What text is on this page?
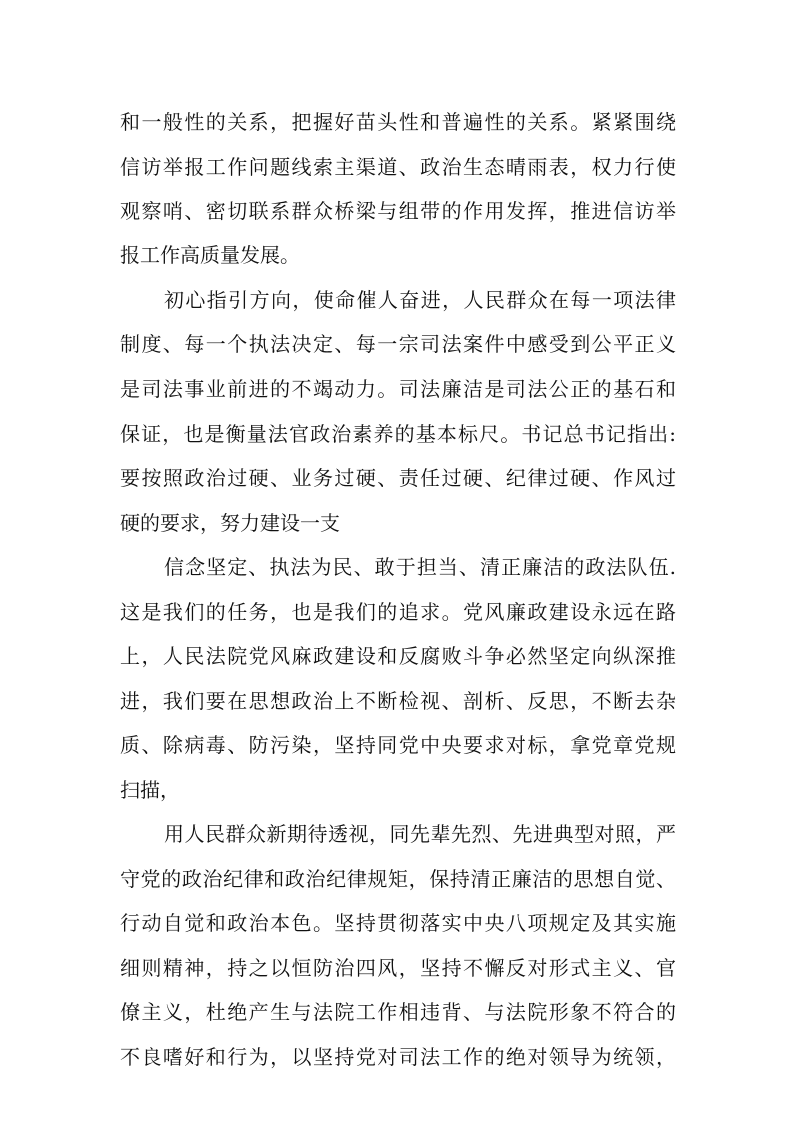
和一般性的关系，把握好苗头性和普遍性的关系。紧紧围绕
信访举报工作问题线索主渠道、政治生态晴雨表，权力行使
观察哨、密切联系群众桥梁与组带的作用发挥，推进信访举
报工作高质量发展。
初心指引方向，使命催人奋进，人民群众在每一项法律
制度、每一个执法决定、每一宗司法案件中感受到公平正义
是司法事业前进的不竭动力。司法廉洁是司法公正的基石和
保证，也是衡量法官政治素养的基本标尺。书记总书记指出:
要按照政治过硬、业务过硬、责任过硬、纪律过硬、作风过
硬的要求，努力建设一支
信念坚定、执法为民、敢于担当、清正廉洁的政法队伍.
这是我们的任务，也是我们的追求。党风廉政建设永远在路
上，人民法院党风麻政建设和反腐败斗争必然坚定向纵深推
进，我们要在思想政治上不断检视、剖析、反思，不断去杂
质、除病毒、防污染，坚持同党中央要求对标，拿党章党规
扫描，
用人民群众新期待透视，同先辈先烈、先进典型对照，严
守党的政治纪律和政治纪律规矩，保持清正廉洁的思想自觉、
行动自觉和政治本色。坚持贯彻落实中央八项规定及其实施
细则精神，持之以恒防治四风，坚持不懈反对形式主义、官
僚主义，杜绝产生与法院工作相违背、与法院形象不符合的
不良嗜好和行为，以坚持党对司法工作的绝对领导为统领，
